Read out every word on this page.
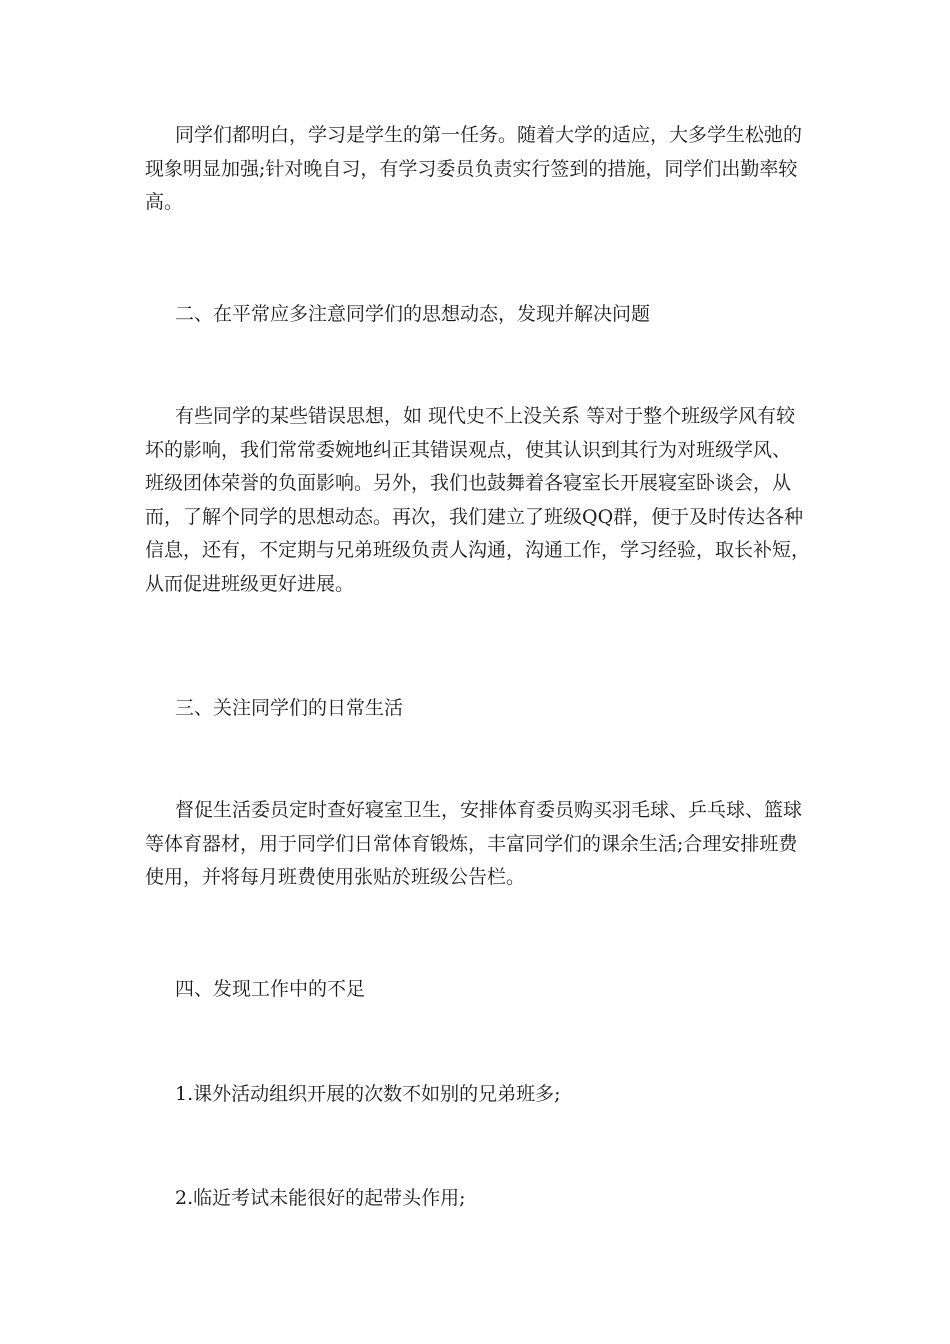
同学们都明白，学习是学生的第一任务。随着大学的适应，大多学生松弛的
现象明显加强;针对晚自习，有学习委员负责实行签到的措施，同学们出勤率较
高。
二、在平常应多注意同学们的思想动态，发现并解决问题
有些同学的某些错误思想，如 现代史不上没关系 等对于整个班级学风有较
坏的影响，我们常常委婉地纠正其错误观点，使其认识到其行为对班级学风、
班级团体荣誉的负面影响。另外，我们也鼓舞着各寝室长开展寝室卧谈会，从
而，了解个同学的思想动态。再次，我们建立了班级QQ群，便于及时传达各种
信息，还有，不定期与兄弟班级负责人沟通，沟通工作，学习经验，取长补短，
从而促进班级更好进展。
三、关注同学们的日常生活
督促生活委员定时查好寝室卫生，安排体育委员购买羽毛球、乒乓球、篮球
等体育器材，用于同学们日常体育锻炼，丰富同学们的课余生活;合理安排班费
使用，并将每月班费使用张贴於班级公告栏。
四、发现工作中的不足
1.课外活动组织开展的次数不如别的兄弟班多;
2.临近考试未能很好的起带头作用;
